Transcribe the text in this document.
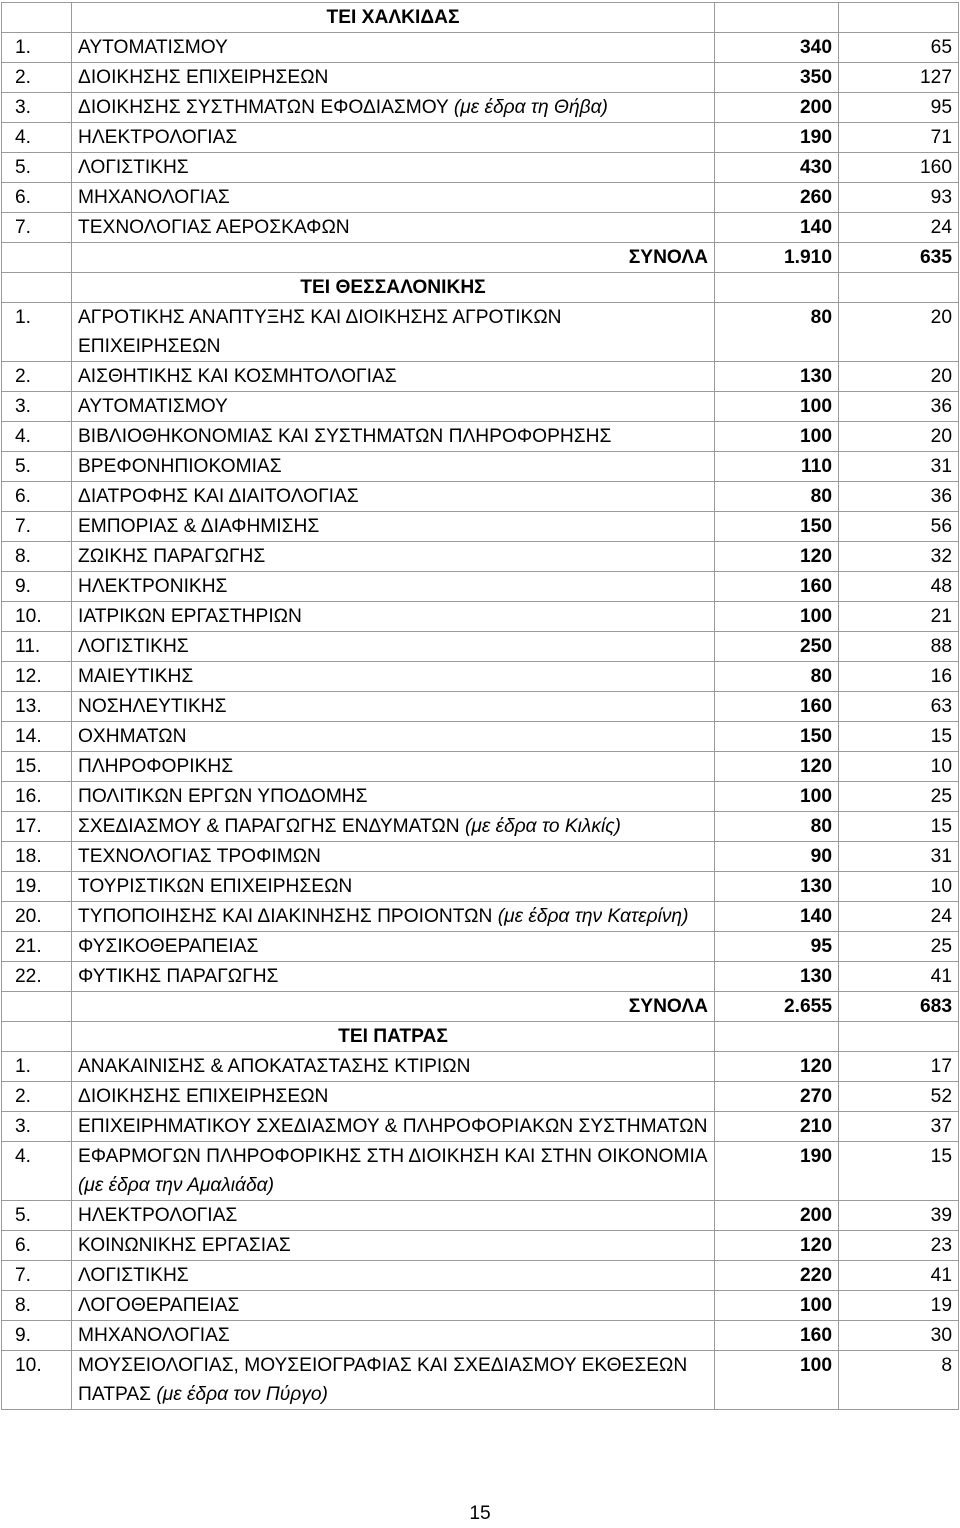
	ΤΕΙ ΧΑΛΚΙΔΑΣ		
1.	ΑΥΤΟΜΑΤΙΣΜΟΥ	340	65
2.	ΔΙΟΙΚΗΣΗΣ ΕΠΙΧΕΙΡΗΣΕΩΝ	350	127
3.	ΔΙΟΙΚΗΣΗΣ ΣΥΣΤΗΜΑΤΩΝ ΕΦΟΔΙΑΣΜΟΥ (με έδρα τη Θήβα)	200	95
4.	ΗΛΕΚΤΡΟΛΟΓΙΑΣ	190	71
5.	ΛΟΓΙΣΤΙΚΗΣ	430	160
6.	ΜΗΧΑΝΟΛΟΓΙΑΣ	260	93
7.	ΤΕΧΝΟΛΟΓΙΑΣ ΑΕΡΟΣΚΑΦΩΝ	140	24
	ΣΥΝΟΛΑ	1.910	635
	ΤΕΙ ΘΕΣΣΑΛΟΝΙΚΗΣ		
1.	ΑΓΡΟΤΙΚΗΣ ΑΝΑΠΤΥΞΗΣ ΚΑΙ ΔΙΟΙΚΗΣΗΣ ΑΓΡΟΤΙΚΩΝ ΕΠΙΧΕΙΡΗΣΕΩΝ	80	20
2.	ΑΙΣΘΗΤΙΚΗΣ ΚΑΙ ΚΟΣΜΗΤΟΛΟΓΙΑΣ	130	20
3.	ΑΥΤΟΜΑΤΙΣΜΟΥ	100	36
4.	ΒΙΒΛΙΟΘΗΚΟΝΟΜΙΑΣ ΚΑΙ ΣΥΣΤΗΜΑΤΩΝ ΠΛΗΡΟΦΟΡΗΣΗΣ	100	20
5.	ΒΡΕΦΟΝΗΠΙΟΚΟΜΙΑΣ	110	31
6.	ΔΙΑΤΡΟΦΗΣ ΚΑΙ ΔΙΑΙΤΟΛΟΓΙΑΣ	80	36
7.	ΕΜΠΟΡΙΑΣ & ΔΙΑΦΗΜΙΣΗΣ	150	56
8.	ΖΩΙΚΗΣ ΠΑΡΑΓΩΓΗΣ	120	32
9.	ΗΛΕΚΤΡΟΝΙΚΗΣ	160	48
10.	ΙΑΤΡΙΚΩΝ ΕΡΓΑΣΤΗΡΙΩΝ	100	21
11.	ΛΟΓΙΣΤΙΚΗΣ	250	88
12.	ΜΑΙΕΥΤΙΚΗΣ	80	16
13.	ΝΟΣΗΛΕΥΤΙΚΗΣ	160	63
14.	ΟΧΗΜΑΤΩΝ	150	15
15.	ΠΛΗΡΟΦΟΡΙΚΗΣ	120	10
16.	ΠΟΛΙΤΙΚΩΝ ΕΡΓΩΝ ΥΠΟΔΟΜΗΣ	100	25
17.	ΣΧΕΔΙΑΣΜΟΥ & ΠΑΡΑΓΩΓΗΣ ΕΝΔΥΜΑΤΩΝ (με έδρα το Κιλκίς)	80	15
18.	ΤΕΧΝΟΛΟΓΙΑΣ ΤΡΟΦΙΜΩΝ	90	31
19.	ΤΟΥΡΙΣΤΙΚΩΝ ΕΠΙΧΕΙΡΗΣΕΩΝ	130	10
20.	ΤΥΠΟΠΟΙΗΣΗΣ ΚΑΙ ΔΙΑΚΙΝΗΣΗΣ ΠΡΟΙΟΝΤΩΝ (με έδρα την Κατερίνη)	140	24
21.	ΦΥΣΙΚΟΘΕΡΑΠΕΙΑΣ	95	25
22.	ΦΥΤΙΚΗΣ ΠΑΡΑΓΩΓΗΣ	130	41
	ΣΥΝΟΛΑ	2.655	683
	ΤΕΙ ΠΑΤΡΑΣ		
1.	ΑΝΑΚΑΙΝΙΣΗΣ & ΑΠΟΚΑΤΑΣΤΑΣΗΣ ΚΤΙΡΙΩΝ	120	17
2.	ΔΙΟΙΚΗΣΗΣ ΕΠΙΧΕΙΡΗΣΕΩΝ	270	52
3.	ΕΠΙΧΕΙΡΗΜΑΤΙΚΟΥ ΣΧΕΔΙΑΣΜΟΥ & ΠΛΗΡΟΦΟΡΙΑΚΩΝ ΣΥΣΤΗΜΑΤΩΝ	210	37
4.	ΕΦΑΡΜΟΓΩΝ ΠΛΗΡΟΦΟΡΙΚΗΣ ΣΤΗ ΔΙΟΙΚΗΣΗ ΚΑΙ ΣΤΗΝ ΟΙΚΟΝΟΜΙΑ (με έδρα την Αμαλιάδα)	190	15
5.	ΗΛΕΚΤΡΟΛΟΓΙΑΣ	200	39
6.	ΚΟΙΝΩΝΙΚΗΣ ΕΡΓΑΣΙΑΣ	120	23
7.	ΛΟΓΙΣΤΙΚΗΣ	220	41
8.	ΛΟΓΟΘΕΡΑΠΕΙΑΣ	100	19
9.	ΜΗΧΑΝΟΛΟΓΙΑΣ	160	30
10.	ΜΟΥΣΕΙΟΛΟΓΙΑΣ, ΜΟΥΣΕΙΟΓΡΑΦΙΑΣ ΚΑΙ ΣΧΕΔΙΑΣΜΟΥ ΕΚΘΕΣΕΩΝ ΠΑΤΡΑΣ (με έδρα τον Πύργο)	100	8
15
